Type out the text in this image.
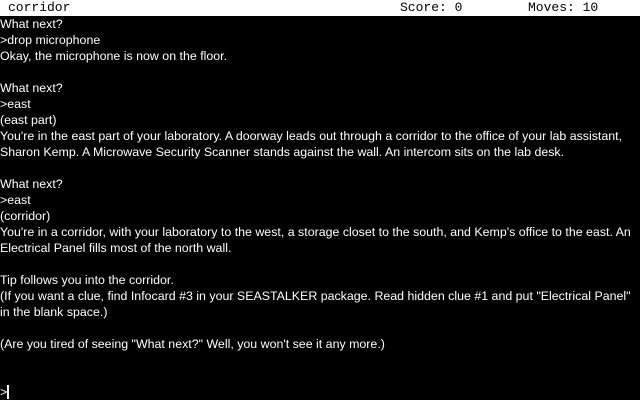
corridor	Score: 0	Moves: 10
What next?
>drop microphone
Okay, the microphone is now on the floor.
What next?
>east
(east part)
You're in the east part of your laboratory. A doorway leads out through a corridor to the office of your lab assistant, Sharon Kemp. A Microwave Security Scanner stands against the wall. An intercom sits on the lab desk.
What next?
>east
(corridor)
You're in a corridor, with your laboratory to the west, a storage closet to the south, and Kemp's office to the east. An Electrical Panel fills most of the north wall.
Tip follows you into the corridor.
(If you want a clue, find Infocard #3 in your SEASTALKER package. Read hidden clue #1 and put "Electrical Panel" in the blank space.)
(Are you tired of seeing "What next?" Well, you won't see it any more.)
>
